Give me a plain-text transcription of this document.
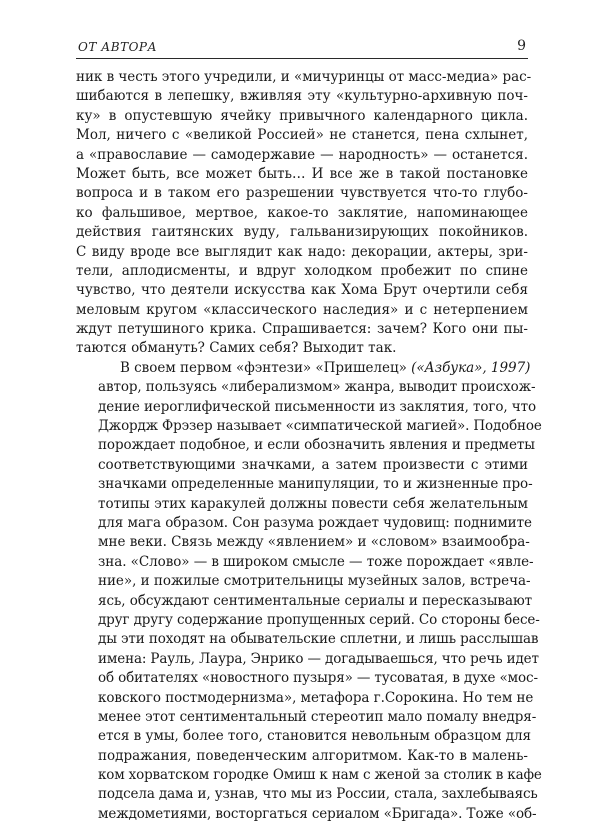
ОТ АВТОРА	9
ник в честь этого учредили, и «мичуринцы от масс-медиа» рас-
шибаются в лепешку, вживляя эту «культурно-архивную поч-
ку» в опустевшую ячейку привычного календарного цикла.
Мол, ничего с «великой Россией» не станется, пена схлынет,
а «православие — самодержавие — народность» — останется.
Может быть, все может быть… И все же в такой постановке
вопроса и в таком его разрешении чувствуется что-то глубо-
ко фальшивое, мертвое, какое-то заклятие, напоминающее
действия гаитянских вуду, гальванизирующих покойников.
С виду вроде все выглядит как надо: декорации, актеры, зри-
тели, аплодисменты, и вдруг холодком пробежит по спине
чувство, что деятели искусства как Хома Брут очертили себя
меловым кругом «классического наследия» и с нетерпением
ждут петушиного крика. Спрашивается: зачем? Кого они пы-
таются обмануть? Самих себя? Выходит так.
В своем первом «фэнтези» «Пришелец» («Азбука», 1997)
автор, пользуясь «либерализмом» жанра, выводит происхож-
дение иероглифической письменности из заклятия, того, что
Джордж Фрэзер называет «симпатической магией». Подобное
порождает подобное, и если обозначить явления и предметы
соответствующими значками, а затем произвести с этими
значками определенные манипуляции, то и жизненные про-
тотипы этих каракулей должны повести себя желательным
для мага образом. Сон разума рождает чудовищ: поднимите
мне веки. Связь между «явлением» и «словом» взаимообра-
зна. «Слово» — в широком смысле — тоже порождает «явле-
ние», и пожилые смотрительницы музейных залов, встреча-
ясь, обсуждают сентиментальные сериалы и пересказывают
друг другу содержание пропущенных серий. Со стороны бесе-
ды эти походят на обывательские сплетни, и лишь расслышав
имена: Рауль, Лаура, Энрико — догадываешься, что речь идет
об обитателях «новостного пузыря» — тусоватая, в духе «мос-
ковского постмодернизма», метафора г.Сорокина. Но тем не
менее этот сентиментальный стереотип мало помалу внедря-
ется в умы, более того, становится невольным образцом для
подражания, поведенческим алгоритмом. Как-то в малень-
ком хорватском городке Омиш к нам с женой за столик в кафе
подсела дама и, узнав, что мы из России, стала, захлебываясь
междометиями, восторгаться сериалом «Бригада». Тоже «об-
